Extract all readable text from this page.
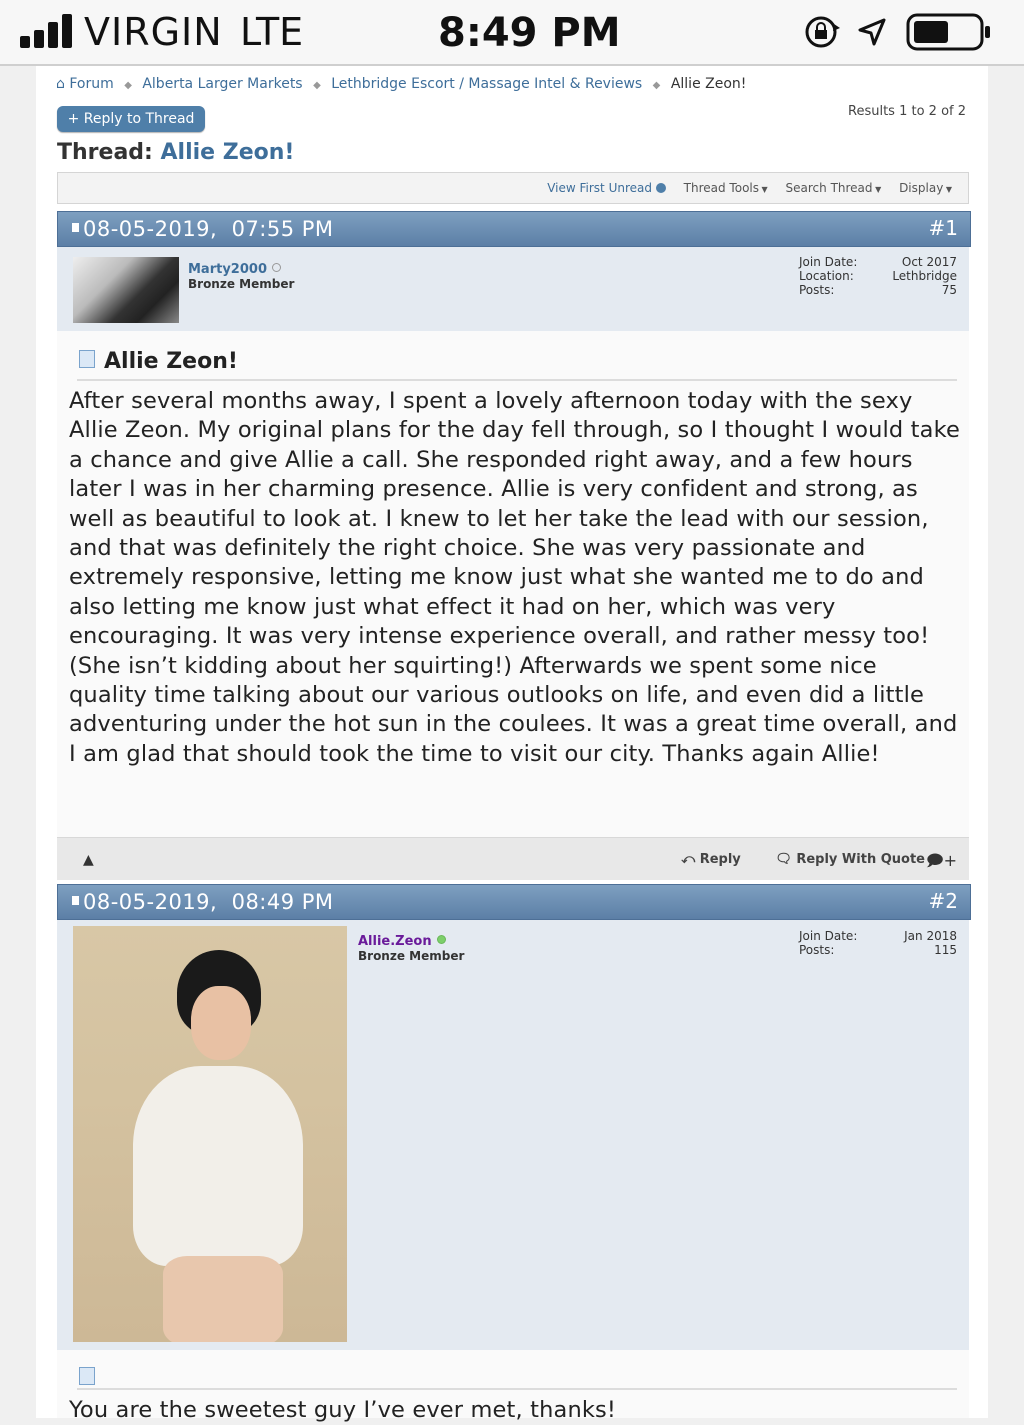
VIRGIN LTE	8:49 PM
⌂ Forum ◆ Alberta Larger Markets ◆ Lethbridge Escort / Massage Intel & Reviews ◆ Allie Zeon!
Results 1 to 2 of 2
+ Reply to Thread
Thread: Allie Zeon!
View First Unread	Thread Tools ▼ Search Thread ▼ Display ▼
08-05-2019, 07:55 PM	#1
Marty2000
Bronze Member
Join Date:	Oct 2017
Location:	Lethbridge
Posts:	75
Allie Zeon!
After several months away, I spent a lovely afternoon today with the sexy Allie Zeon. My original plans for the day fell through, so I thought I would take a chance and give Allie a call. She responded right away, and a few hours later I was in her charming presence. Allie is very confident and strong, as well as beautiful to look at. I knew to let her take the lead with our session, and that was definitely the right choice. She was very passionate and extremely responsive, letting me know just what she wanted me to do and also letting me know just what effect it had on her, which was very encouraging. It was very intense experience overall, and rather messy too! (She isn’t kidding about her squirting!) Afterwards we spent some nice quality time talking about our various outlooks on life, and even did a little adventuring under the hot sun in the coulees. It was a great time overall, and I am glad that should took the time to visit our city. Thanks again Allie!
▲	⤺ Reply	🗨 Reply With Quote 🗩+
08-05-2019, 08:49 PM	#2
Allie.Zeon
Bronze Member
Join Date:	Jan 2018
Posts:	115
You are the sweetest guy I’ve ever met, thanks!
